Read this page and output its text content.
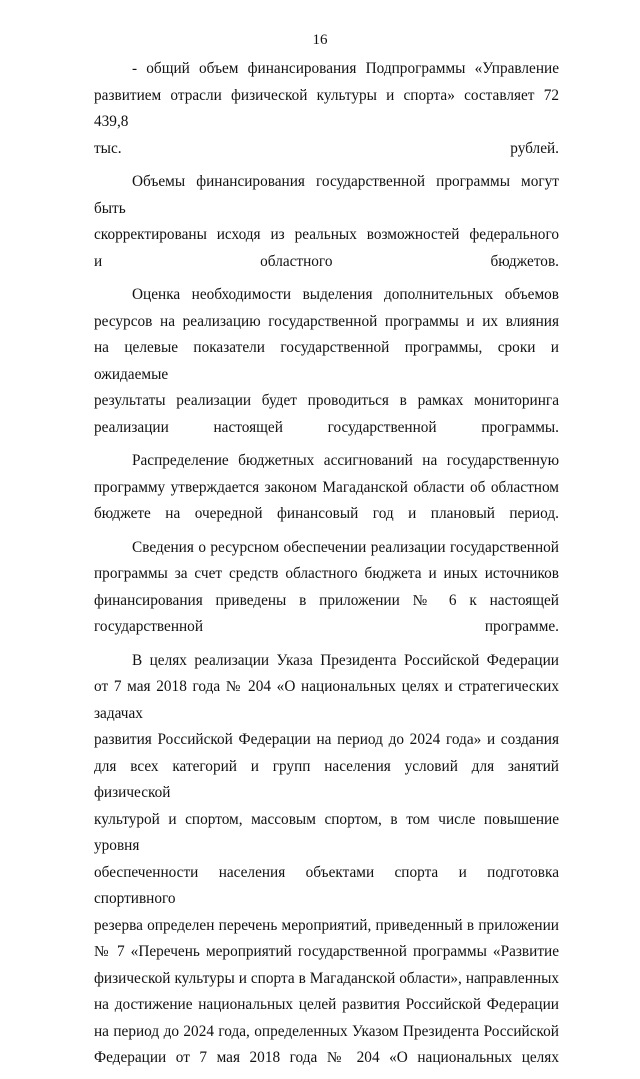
16
- общий объем финансирования Подпрограммы «Управление
развитием отрасли физической культуры и спорта» составляет 72 439,8
тыс. рублей.
Объемы финансирования государственной программы могут быть
скорректированы исходя из реальных возможностей федерального
и областного бюджетов.
Оценка необходимости выделения дополнительных объемов
ресурсов на реализацию государственной программы и их влияния
на целевые показатели государственной программы, сроки и ожидаемые
результаты реализации будет проводиться в рамках мониторинга
реализации настоящей государственной программы.
Распределение бюджетных ассигнований на государственную
программу утверждается законом Магаданской области об областном
бюджете на очередной финансовый год и плановый период.
Сведения о ресурсном обеспечении реализации государственной
программы за счет средств областного бюджета и иных источников
финансирования приведены в приложении № 6 к настоящей
государственной программе.
В целях реализации Указа Президента Российской Федерации
от 7 мая 2018 года № 204 «О национальных целях и стратегических задачах
развития Российской Федерации на период до 2024 года» и создания
для всех категорий и групп населения условий для занятий физической
культурой и спортом, массовым спортом, в том числе повышение уровня
обеспеченности населения объектами спорта и подготовка спортивного
резерва определен перечень мероприятий, приведенный в приложении
№ 7 «Перечень мероприятий государственной программы «Развитие
физической культуры и спорта в Магаданской области», направленных
на достижение национальных целей развития Российской Федерации
на период до 2024 года, определенных Указом Президента Российской
Федерации от 7 мая 2018 года № 204 «О национальных целях
